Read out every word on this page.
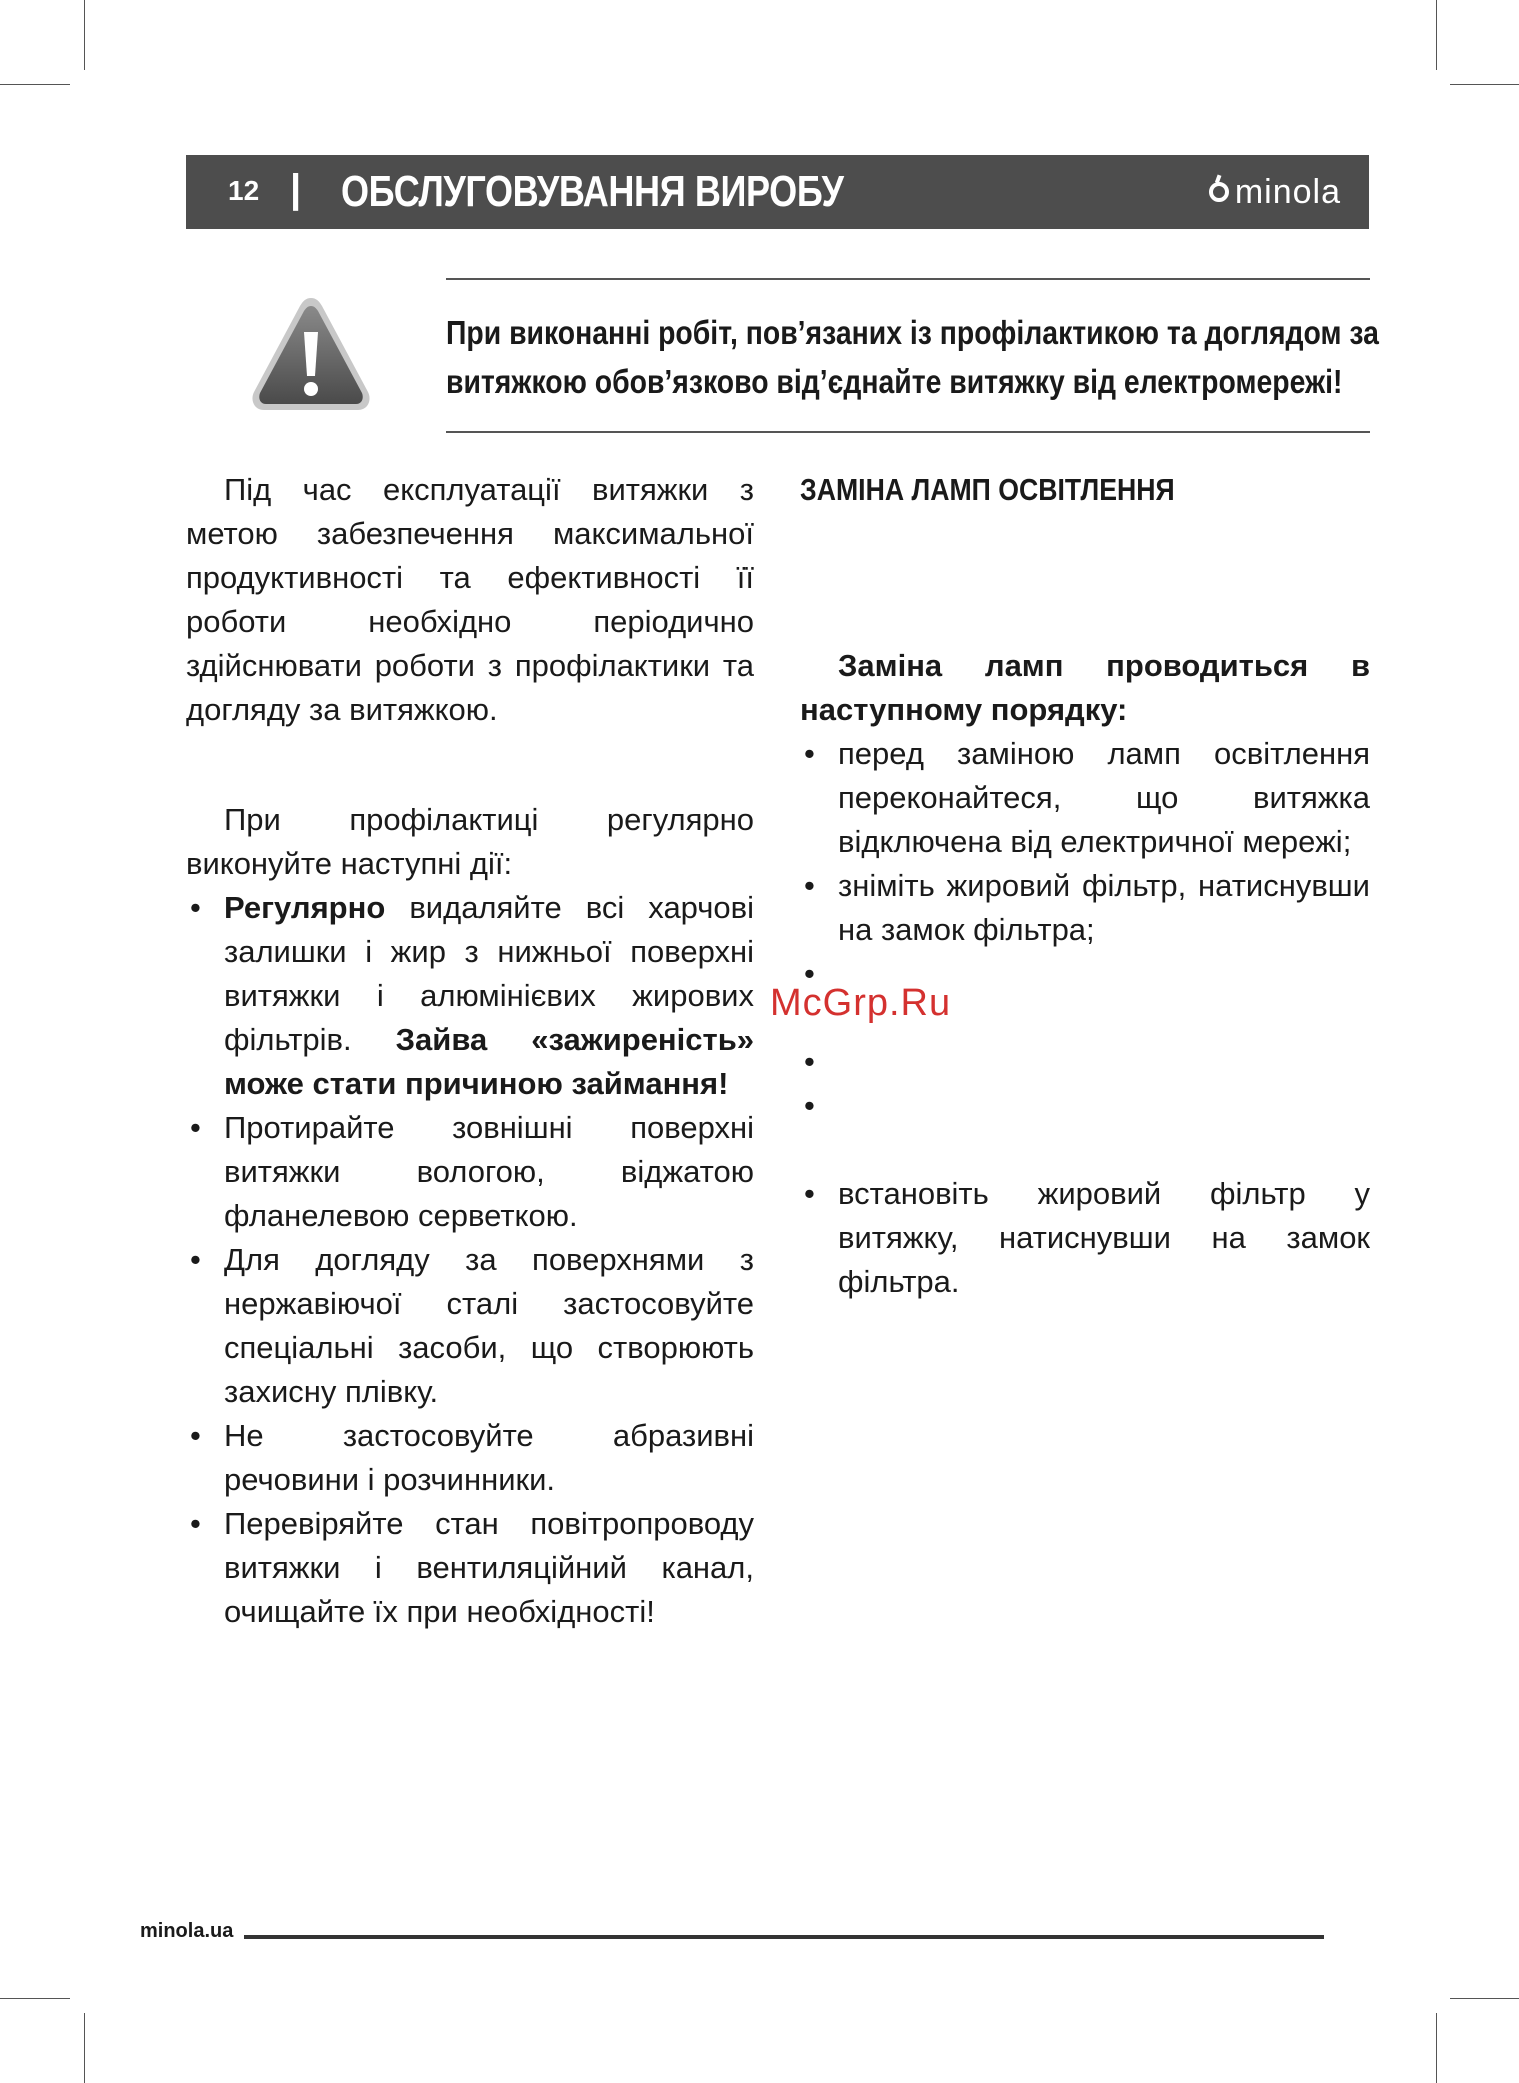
12 | ОБСЛУГОВУВАННЯ ВИРОБУ	minola
При виконанні робіт, пов’язаних із профілактикою та доглядом за
витяжкою обов’язково від’єднайте витяжку від електромережі!

Під час експлуатації витяжки з метою забезпечення максимальної продуктивності та ефективності її роботи необхідно періодично здійснювати роботи з профілактики та догляду за витяжкою.

При профілактиці регулярно виконуйте наступні дії:

• Регулярно видаляйте всі харчові залишки і жир з нижньої поверхні витяжки і алюмінієвих жирових фільтрів. Зайва «зажиреність» може стати причиною займання!
• Протирайте зовнішні поверхні витяжки вологою, віджатою фланелевою серветкою.
• Для догляду за поверхнями з нержавіючої сталі застосовуйте спеціальні засоби, що створюють захисну плівку.
• Не застосовуйте абразивні речовини і розчинники.
• Перевіряйте стан повітропроводу витяжки і вентиляційний канал, очищайте їх при необхідності!

ЗАМІНА ЛАМП ОСВІТЛЕННЯ

Заміна ламп проводиться в наступному порядку:

• перед заміною ламп освітлення переконайтеся, що витяжка відключена від електричної мережі;
• зніміть жировий фільтр, натиснувши на замок фільтра;
•
•
•
• встановіть жировий фільтр у витяжку, натиснувши на замок фільтра.
McGrp.Ru
minola.ua
